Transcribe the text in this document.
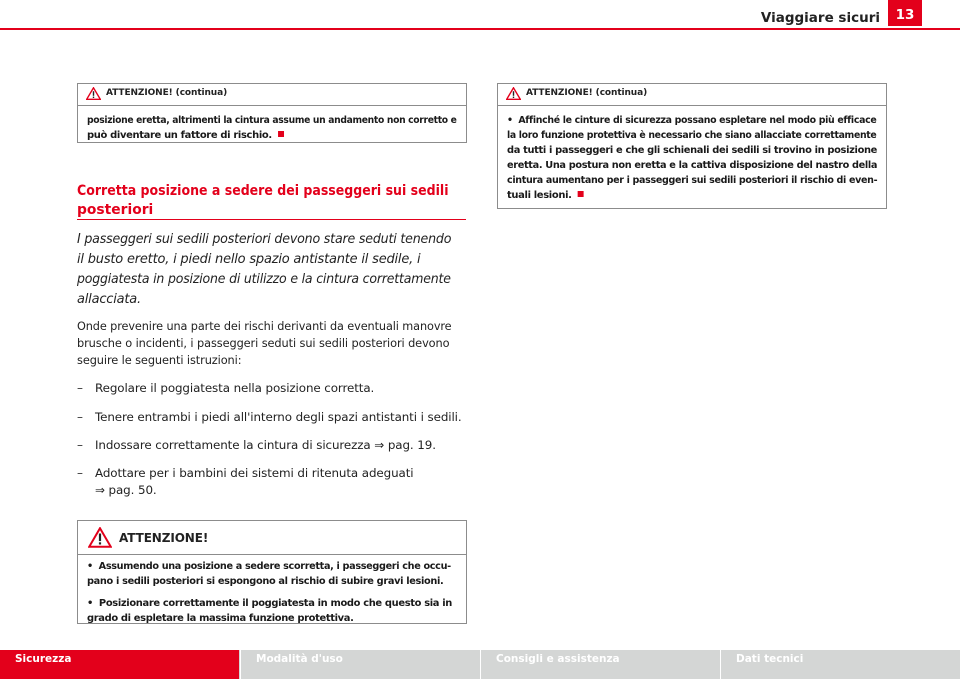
Viaggiare sicuri	13
ATTENZIONE! (continua)
posizione eretta, altrimenti la cintura assume un andamento non corretto e
può diventare un fattore di rischio.
Corretta posizione a sedere dei passeggeri sui sedili
posteriori
I passeggeri sui sedili posteriori devono stare seduti tenendo
il busto eretto, i piedi nello spazio antistante il sedile, i
poggiatesta in posizione di utilizzo e la cintura correttamente
allacciata.
Onde prevenire una parte dei rischi derivanti da eventuali manovre
brusche o incidenti, i passeggeri seduti sui sedili posteriori devono
seguire le seguenti istruzioni:
– Regolare il poggiatesta nella posizione corretta.
– Tenere entrambi i piedi all'interno degli spazi antistanti i sedili.
– Indossare correttamente la cintura di sicurezza ⇒ pag. 19.
– Adottare per i bambini dei sistemi di ritenuta adeguati
⇒ pag. 50.
ATTENZIONE!
• Assumendo una posizione a sedere scorretta, i passeggeri che occu-
pano i sedili posteriori si espongono al rischio di subire gravi lesioni.
• Posizionare correttamente il poggiatesta in modo che questo sia in
grado di espletare la massima funzione protettiva.
ATTENZIONE! (continua)
• Affinché le cinture di sicurezza possano espletare nel modo più efficace
la loro funzione protettiva è necessario che siano allacciate correttamente
da tutti i passeggeri e che gli schienali dei sedili si trovino in posizione
eretta. Una postura non eretta e la cattiva disposizione del nastro della
cintura aumentano per i passeggeri sui sedili posteriori il rischio di even-
tuali lesioni.
Sicurezza	Modalità d'uso	Consigli e assistenza	Dati tecnici
